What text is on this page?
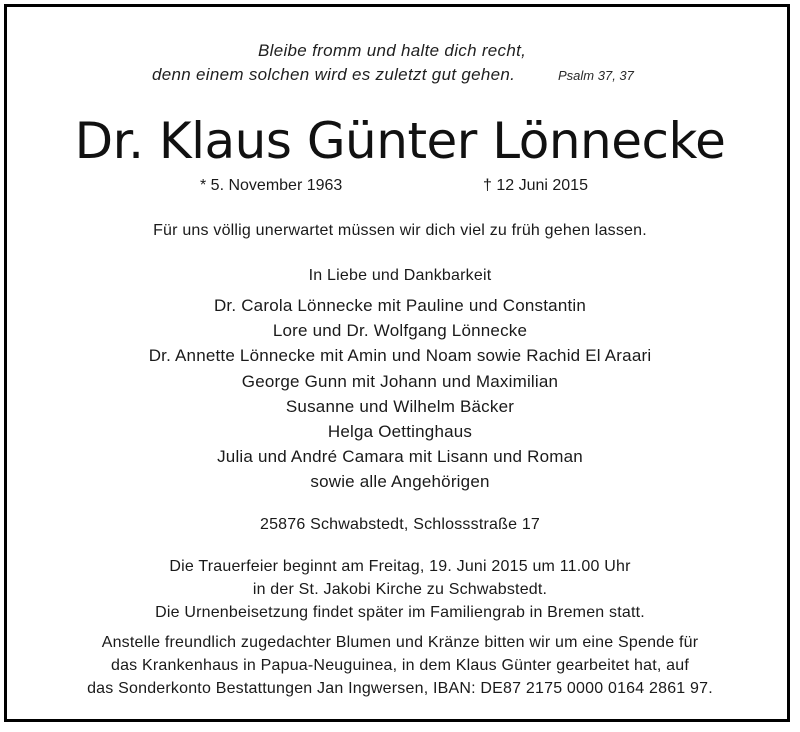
Bleibe fromm und halte dich recht,
denn einem solchen wird es zuletzt gut gehen.	Psalm 37, 37
Dr. Klaus Günter Lönnecke
* 5. November 1963	† 12 Juni 2015
Für uns völlig unerwartet müssen wir dich viel zu früh gehen lassen.
In Liebe und Dankbarkeit
Dr. Carola Lönnecke mit Pauline und Constantin
Lore und Dr. Wolfgang Lönnecke
Dr. Annette Lönnecke mit Amin und Noam sowie Rachid El Araari
George Gunn mit Johann und Maximilian
Susanne und Wilhelm Bäcker
Helga Oettinghaus
Julia und André Camara mit Lisann und Roman
sowie alle Angehörigen
25876 Schwabstedt, Schlossstraße 17
Die Trauerfeier beginnt am Freitag, 19. Juni 2015 um 11.00 Uhr
in der St. Jakobi Kirche zu Schwabstedt.
Die Urnenbeisetzung findet später im Familiengrab in Bremen statt.
Anstelle freundlich zugedachter Blumen und Kränze bitten wir um eine Spende für
das Krankenhaus in Papua-Neuguinea, in dem Klaus Günter gearbeitet hat, auf
das Sonderkonto Bestattungen Jan Ingwersen, IBAN: DE87 2175 0000 0164 2861 97.
